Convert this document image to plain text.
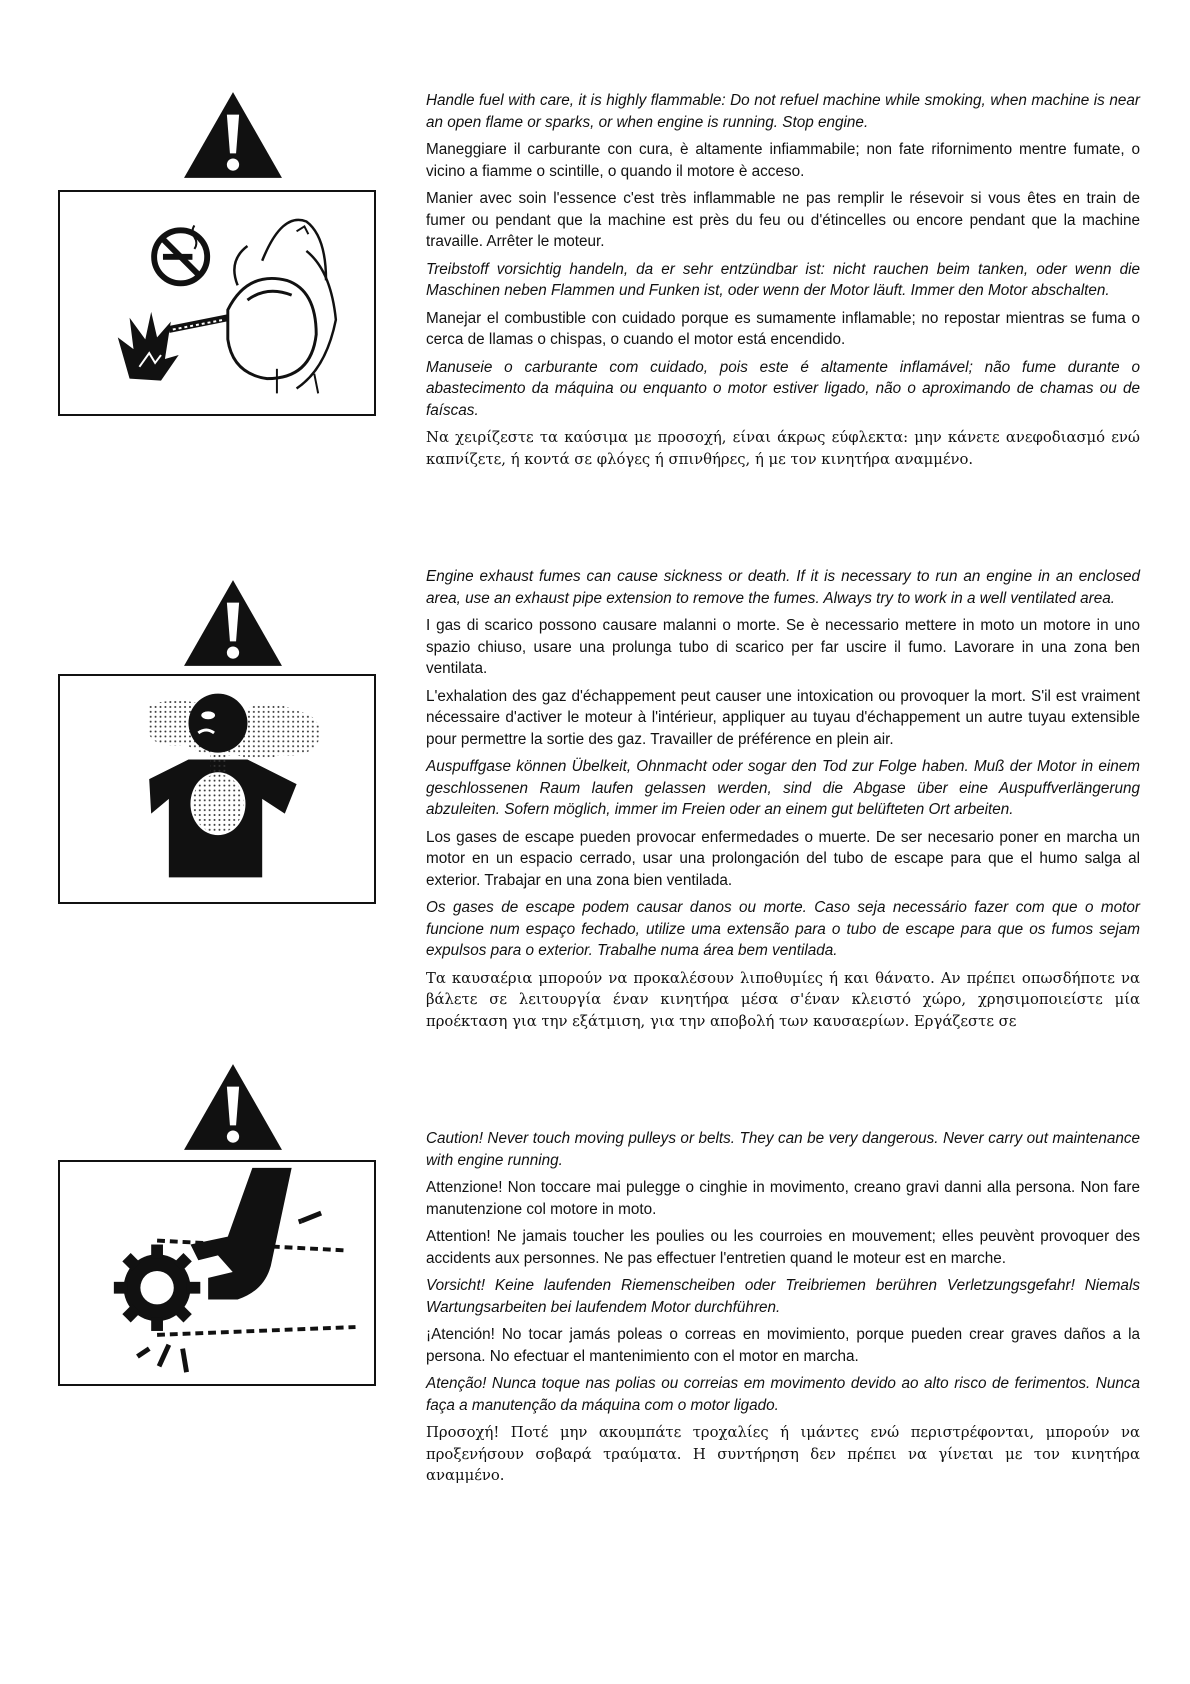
Handle fuel with care, it is highly flammable: Do not refuel machine while smoking, when machine is near an open flame or sparks, or when engine is running. Stop engine.

Maneggiare il carburante con cura, è altamente infiammabile; non fate rifornimento mentre fumate, o vicino a fiamme o scintille, o quando il motore è acceso.

Manier avec soin l'essence c'est très inflammable ne pas remplir le résevoir si vous êtes en train de fumer ou pendant que la machine est près du feu ou d'étincelles ou encore pendant que la machine travaille. Arrêter le moteur.

Treibstoff vorsichtig handeln, da er sehr entzündbar ist: nicht rauchen beim tanken, oder wenn die Maschinen neben Flammen und Funken ist, oder wenn der Motor läuft. Immer den Motor abschalten.

Manejar el combustible con cuidado porque es sumamente inflamable; no repostar mientras se fuma o cerca de llamas o chispas, o cuando el motor está encendido.

Manuseie o carburante com cuidado, pois este é altamente inflamável; não fume durante o abastecimento da máquina ou enquanto o motor estiver ligado, não o aproximando de chamas ou de faíscas.

Να χειρίζεστε τα καύσιμα με προσοχή, είναι άκρως εύφλεκτα: μην κάνετε ανεφοδιασμό ενώ καπνίζετε, ή κοντά σε φλόγες ή σπινθήρες, ή με τον κινητήρα αναμμένο.

Engine exhaust fumes can cause sickness or death. If it is necessary to run an engine in an enclosed area, use an exhaust pipe extension to remove the fumes. Always try to work in a well ventilated area.

I gas di scarico possono causare malanni o morte. Se è necessario mettere in moto un motore in uno spazio chiuso, usare una prolunga tubo di scarico per far uscire il fumo. Lavorare in una zona ben ventilata.

L'exhalation des gaz d'échappement peut causer une intoxication ou provoquer la mort. S'il est vraiment nécessaire d'activer le moteur à l'intérieur, appliquer au tuyau d'échappement un autre tuyau extensible pour permettre la sortie des gaz. Travailler de préférence en plein air.

Auspuffgase können Übelkeit, Ohnmacht oder sogar den Tod zur Folge haben. Muß der Motor in einem geschlossenen Raum laufen gelassen werden, sind die Abgase über eine Auspuffverlängerung abzuleiten. Sofern möglich, immer im Freien oder an einem gut belüfteten Ort arbeiten.

Los gases de escape pueden provocar enfermedades o muerte. De ser necesario poner en marcha un motor en un espacio cerrado, usar una prolongación del tubo de escape para que el humo salga al exterior. Trabajar en una zona bien ventilada.

Os gases de escape podem causar danos ou morte. Caso seja necessário fazer com que o motor funcione num espaço fechado, utilize uma extensão para o tubo de escape para que os fumos sejam expulsos para o exterior. Trabalhe numa área bem ventilada.

Τα καυσαέρια μπορούν να προκαλέσουν λιποθυμίες ή και θάνατο. Αν πρέπει οπωσδήποτε να βάλετε σε λειτουργία έναν κινητήρα μέσα σ'έναν κλειστό χώρο, χρησιμοποιείστε μία προέκταση για την εξάτμιση, για την αποβολή των καυσαερίων. Εργάζεστε σε

Caution! Never touch moving pulleys or belts. They can be very dangerous. Never carry out maintenance with engine running.

Attenzione! Non toccare mai pulegge o cinghie in movimento, creano gravi danni alla persona. Non fare manutenzione col motore in moto.

Attention! Ne jamais toucher les poulies ou les courroies en mouvement; elles peuvènt provoquer des accidents aux personnes. Ne pas effectuer l'entretien quand le moteur est en marche.

Vorsicht! Keine laufenden Riemenscheiben oder Treibriemen berühren Verletzungsgefahr! Niemals Wartungsarbeiten bei laufendem Motor durchführen.

¡Atención! No tocar jamás poleas o correas en movimiento, porque pueden crear graves daños a la persona. No efectuar el mantenimiento con el motor en marcha.

Atenção! Nunca toque nas polias ou correias em movimento devido ao alto risco de ferimentos. Nunca faça a manutenção da máquina com o motor ligado.

Προσοχή! Ποτέ μην ακουμπάτε τροχαλίες ή ιμάντες ενώ περιστρέφονται, μπορούν να προξενήσουν σοβαρά τραύματα. Η συντήρηση δεν πρέπει να γίνεται με τον κινητήρα αναμμένο.
